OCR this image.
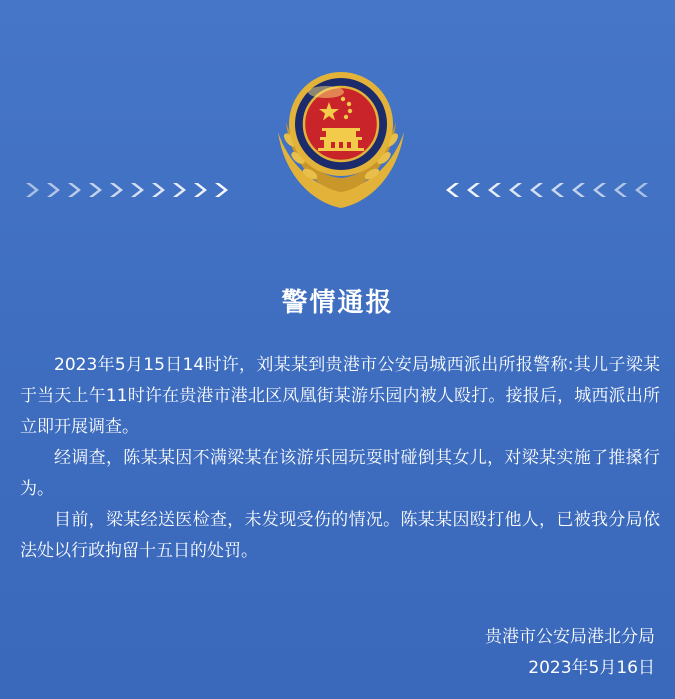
警情通报

2023年5月15日14时许，刘某某到贵港市公安局城西派出所报警称:其儿子梁某于当天上午11时许在贵港市港北区凤凰街某游乐园内被人殴打。接报后，城西派出所立即开展调查。

经调查，陈某某因不满梁某在该游乐园玩耍时碰倒其女儿，对梁某实施了推搡行为。

目前，梁某经送医检查，未发现受伤的情况。陈某某因殴打他人，已被我分局依法处以行政拘留十五日的处罚。

贵港市公安局港北分局
2023年5月16日
